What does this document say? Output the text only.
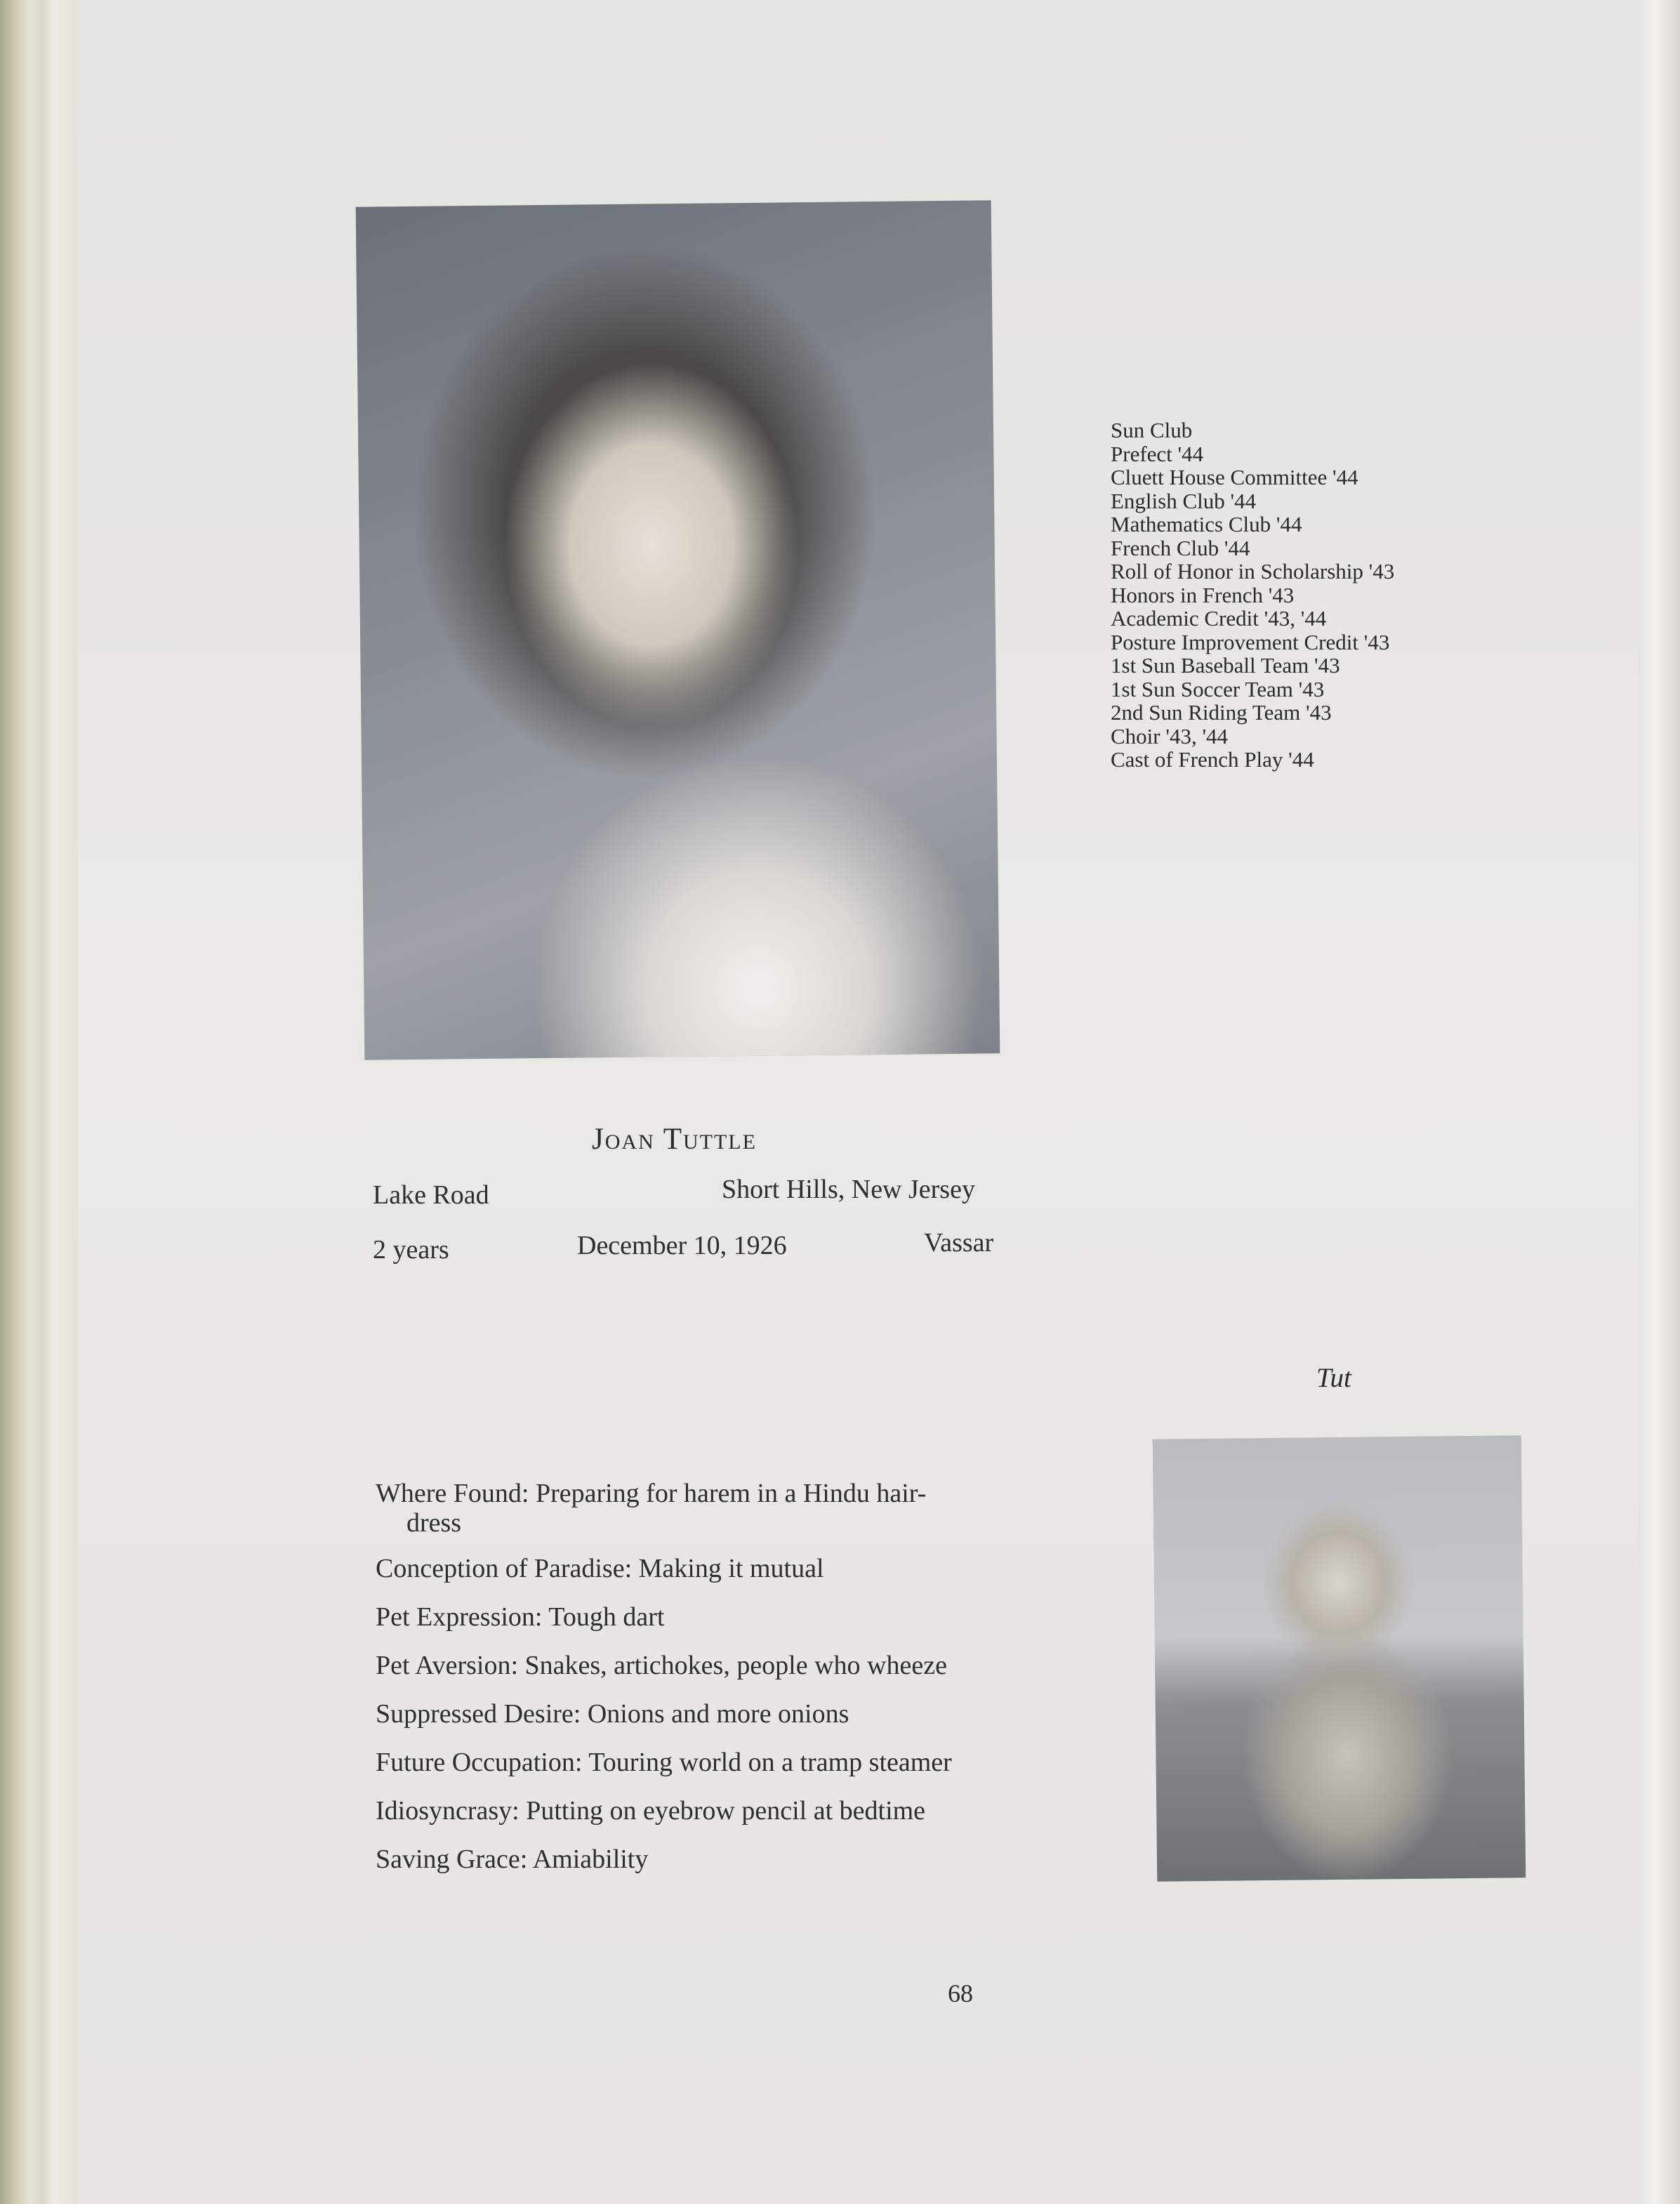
Sun Club
Prefect '44
Cluett House Committee '44
English Club '44
Mathematics Club '44
French Club '44
Roll of Honor in Scholarship '43
Honors in French '43
Academic Credit '43, '44
Posture Improvement Credit '43
1st Sun Baseball Team '43
1st Sun Soccer Team '43
2nd Sun Riding Team '43
Choir '43, '44
Cast of French Play '44
Joan Tuttle
Lake Road	Short Hills, New Jersey
2 years	December 10, 1926	Vassar
Tut
Where Found: Preparing for harem in a Hindu hair-
dress
Conception of Paradise: Making it mutual
Pet Expression: Tough dart
Pet Aversion: Snakes, artichokes, people who wheeze
Suppressed Desire: Onions and more onions
Future Occupation: Touring world on a tramp steamer
Idiosyncrasy: Putting on eyebrow pencil at bedtime
Saving Grace: Amiability
68
